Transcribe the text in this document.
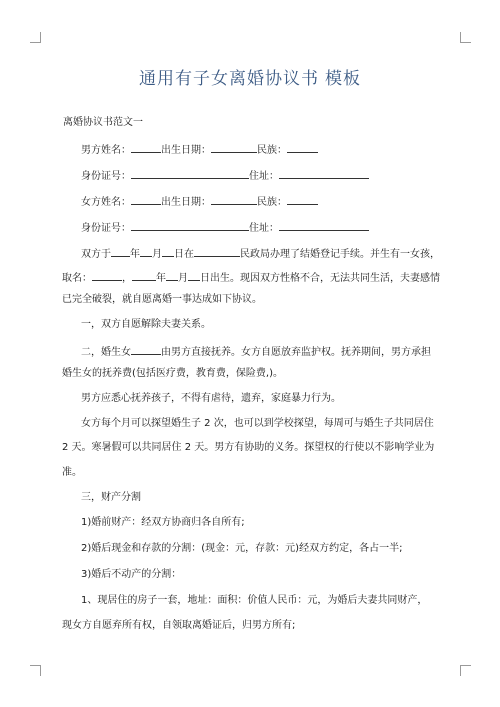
通用有子女离婚协议书 模板
离婚协议书范文一
男方姓名：	出生日期：	民族：
身份证号：	住址：
女方姓名：	出生日期：	民族：
身份证号：	住址：
双方于 年 月 日在	民政局办理了结婚登记手续。并生有一女孩，
取名：	， 年 月 日出生。现因双方性格不合，无法共同生活，夫妻感情
已完全破裂，就自愿离婚一事达成如下协议。
一，双方自愿解除夫妻关系。
二，婚生女	由男方直接抚养。女方自愿放弃监护权。抚养期间，男方承担
婚生女的抚养费(包括医疗费，教育费，保险费,)。
男方应悉心抚养孩子，不得有虐待，遗弃，家庭暴力行为。
女方每个月可以探望婚生子 2 次，也可以到学校探望，每周可与婚生子共同居住
2 天。寒暑假可以共同居住 2 天。男方有协助的义务。探望权的行使以不影响学业为
准。
三，财产分割
1)婚前财产：经双方协商归各自所有;
2)婚后现金和存款的分割：(现金：元，存款：元)经双方约定，各占一半;
3)婚后不动产的分割：
1、现居住的房子一套，地址：面积：价值人民币：元，为婚后夫妻共同财产，
现女方自愿弃所有权，自领取离婚证后，归男方所有;
